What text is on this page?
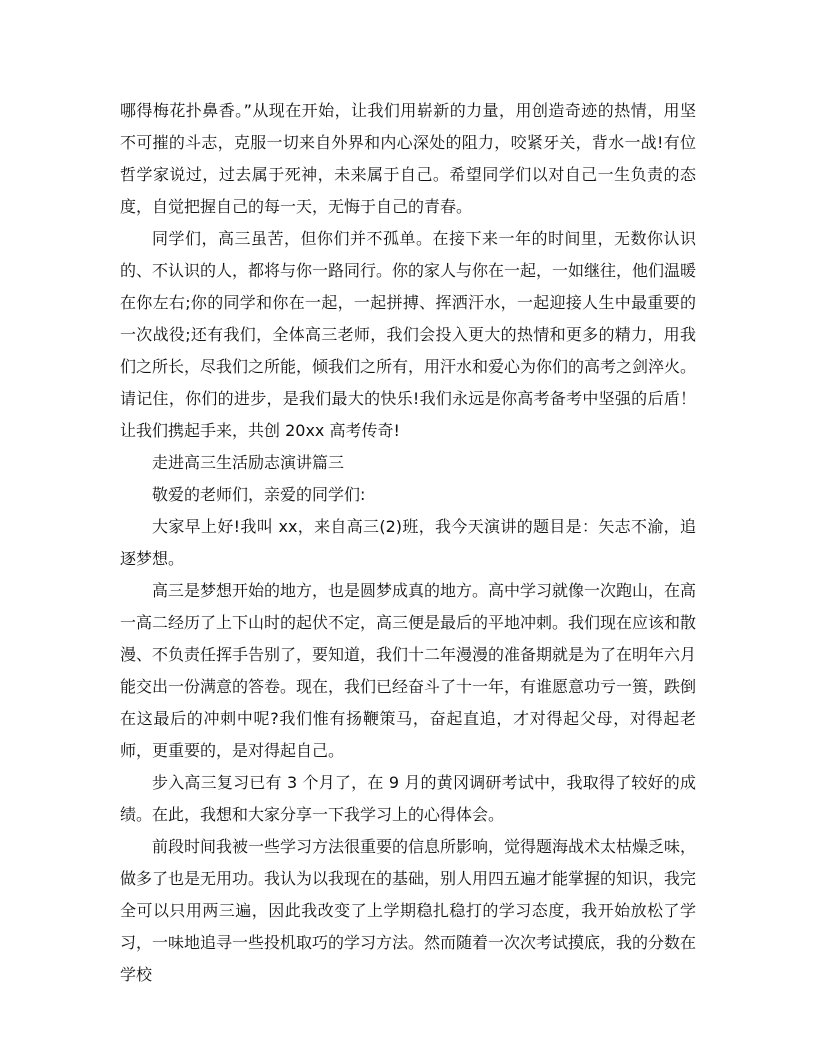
哪得梅花扑鼻香。”从现在开始，让我们用崭新的力量，用创造奇迹的热情，用坚不可摧的斗志，克服一切来自外界和内心深处的阻力，咬紧牙关，背水一战!有位哲学家说过，过去属于死神，未来属于自己。希望同学们以对自己一生负责的态度，自觉把握自己的每一天，无悔于自己的青春。

同学们，高三虽苦，但你们并不孤单。在接下来一年的时间里，无数你认识的、不认识的人，都将与你一路同行。你的家人与你在一起，一如继往，他们温暖在你左右;你的同学和你在一起，一起拼搏、挥洒汗水，一起迎接人生中最重要的一次战役;还有我们，全体高三老师，我们会投入更大的热情和更多的精力，用我们之所长，尽我们之所能，倾我们之所有，用汗水和爱心为你们的高考之剑淬火。请记住，你们的进步，是我们最大的快乐!我们永远是你高考备考中坚强的后盾！让我们携起手来，共创 20xx 高考传奇!

走进高三生活励志演讲篇三

敬爱的老师们，亲爱的同学们:

大家早上好!我叫 xx，来自高三(2)班，我今天演讲的题目是：矢志不渝，追逐梦想。

高三是梦想开始的地方，也是圆梦成真的地方。高中学习就像一次跑山，在高一高二经历了上下山时的起伏不定，高三便是最后的平地冲刺。我们现在应该和散漫、不负责任挥手告别了，要知道，我们十二年漫漫的准备期就是为了在明年六月能交出一份满意的答卷。现在，我们已经奋斗了十一年，有谁愿意功亏一篑，跌倒在这最后的冲刺中呢?我们惟有扬鞭策马，奋起直追，才对得起父母，对得起老师，更重要的，是对得起自己。

步入高三复习已有 3 个月了，在 9 月的黄冈调研考试中，我取得了较好的成绩。在此，我想和大家分享一下我学习上的心得体会。

前段时间我被一些学习方法很重要的信息所影响，觉得题海战术太枯燥乏味，做多了也是无用功。我认为以我现在的基础，别人用四五遍才能掌握的知识，我完全可以只用两三遍，因此我改变了上学期稳扎稳打的学习态度，我开始放松了学习，一味地追寻一些投机取巧的学习方法。然而随着一次次考试摸底，我的分数在学校
